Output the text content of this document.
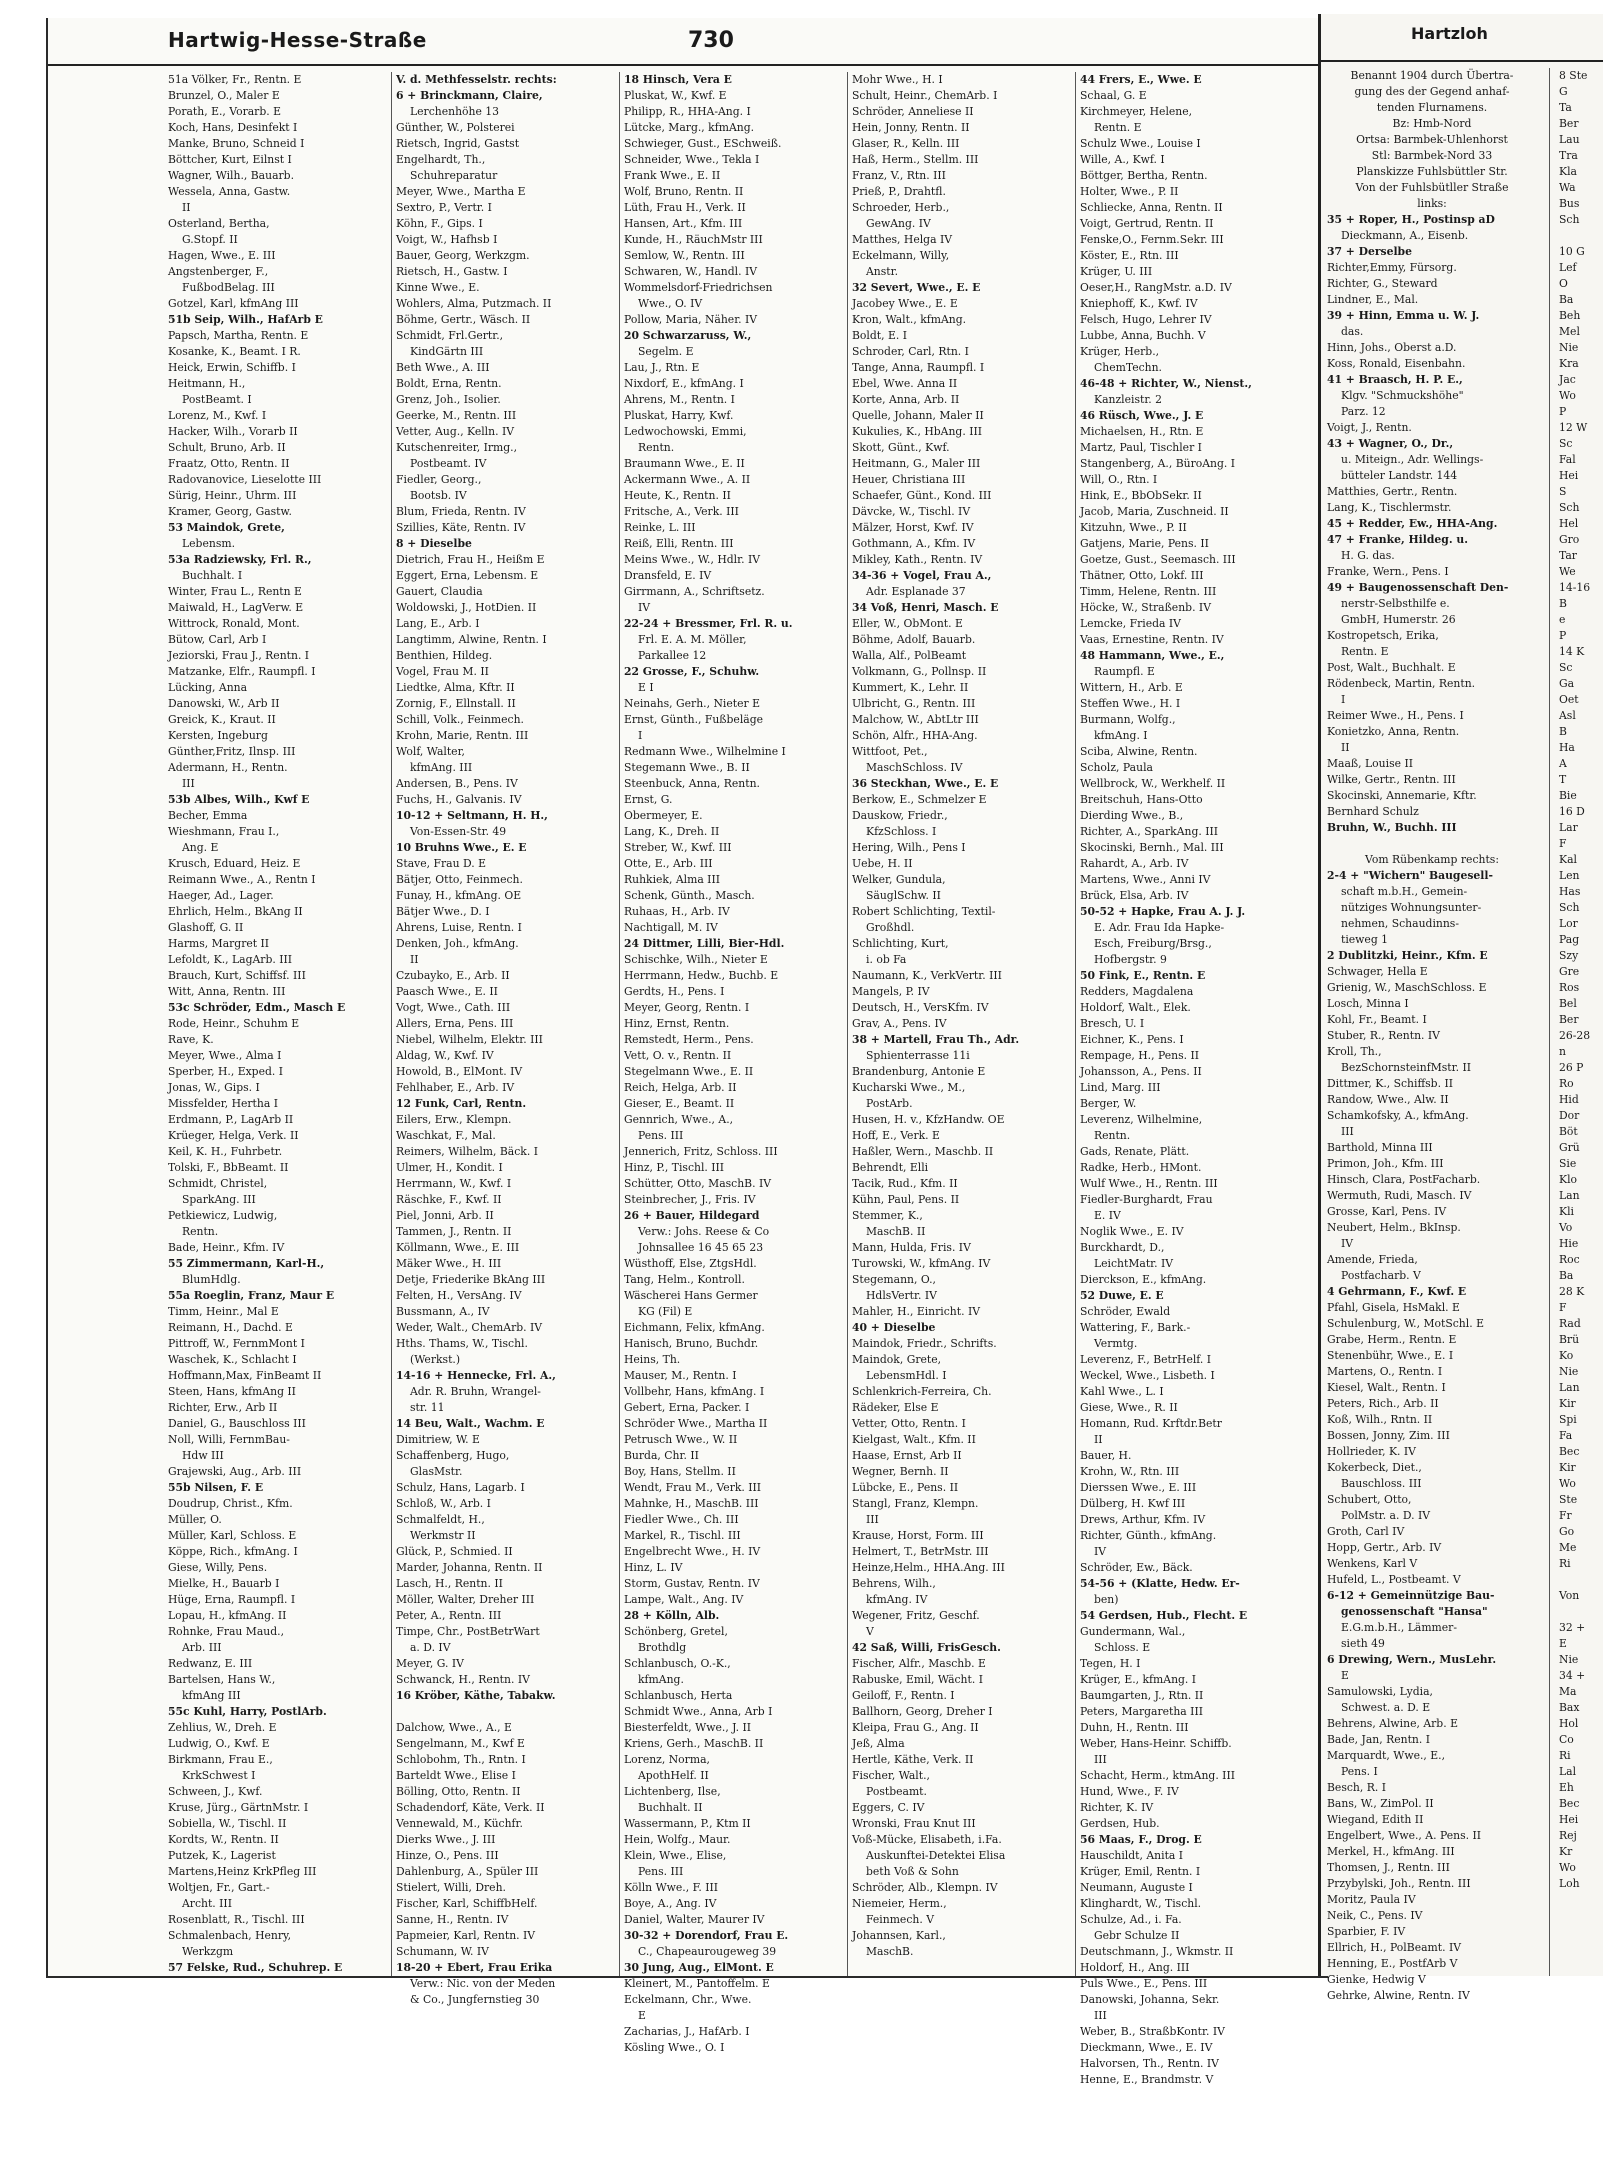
Hartwig-Hesse-Straße	730
51a Völker, Fr., Rentn. E
Brunzel, O., Maler E
Porath, E., Vorarb. E
Koch, Hans, Desinfekt I
Manke, Bruno, Schneid I
Böttcher, Kurt, Eilnst I
Wagner, Wilh., Bauarb.
Wessela, Anna, Gastw.
II
Osterland, Bertha,
G.Stopf. II
Hagen, Wwe., E. III
Angstenberger, F.,
FußbodBelag. III
Gotzel, Karl, kfmAng III
51b Seip, Wilh., HafArb E
Papsch, Martha, Rentn. E
Kosanke, K., Beamt. I R.
Heick, Erwin, Schiffb. I
Heitmann, H.,
PostBeamt. I
Lorenz, M., Kwf. I
Hacker, Wilh., Vorarb II
Schult, Bruno, Arb. II
Fraatz, Otto, Rentn. II
Radovanovice, Lieselotte III
Sürig, Heinr., Uhrm. III
Kramer, Georg, Gastw.
53 Maindok, Grete,
Lebensm.
53a Radziewsky, Frl. R.,
Buchhalt. I
Winter, Frau L., Rentn E
Maiwald, H., LagVerw. E
Wittrock, Ronald, Mont.
Bütow, Carl, Arb I
Jeziorski, Frau J., Rentn. I
Matzanke, Elfr., Raumpfl. I
Lücking, Anna
Danowski, W., Arb II
Greick, K., Kraut. II
Kersten, Ingeburg
Günther,Fritz, Ilnsp. III
Adermann, H., Rentn.
III
53b Albes, Wilh., Kwf E
Becher, Emma
Wieshmann, Frau I.,
Ang. E
Krusch, Eduard, Heiz. E
Reimann Wwe., A., Rentn I
Haeger, Ad., Lager.
Ehrlich, Helm., BkAng II
Glashoff, G. II
Harms, Margret II
Lefoldt, K., LagArb. III
Brauch, Kurt, Schiffsf. III
Witt, Anna, Rentn. III
53c Schröder, Edm., Masch E
Rode, Heinr., Schuhm E
Rave, K.
Meyer, Wwe., Alma I
Sperber, H., Exped. I
Jonas, W., Gips. I
Missfelder, Hertha I
Erdmann, P., LagArb II
Krüeger, Helga, Verk. II
Keil, K. H., Fuhrbetr.
Tolski, F., BbBeamt. II
Schmidt, Christel,
SparkAng. III
Petkiewicz, Ludwig,
Rentn.
Bade, Heinr., Kfm. IV
55 Zimmermann, Karl-H.,
BlumHdlg.
55a Roeglin, Franz, Maur E
Timm, Heinr., Mal E
Reimann, H., Dachd. E
Pittroff, W., FernmMont I
Waschek, K., Schlacht I
Hoffmann,Max, FinBeamt II
Steen, Hans, kfmAng II
Richter, Erw., Arb II
Daniel, G., Bauschloss III
Noll, Willi, FernmBau-
Hdw III
Grajewski, Aug., Arb. III
55b Nilsen, F. E
Doudrup, Christ., Kfm.
Müller, O.
Müller, Karl, Schloss. E
Köppe, Rich., kfmAng. I
Giese, Willy, Pens.
Mielke, H., Bauarb I
Hüge, Erna, Raumpfl. I
Lopau, H., kfmAng. II
Rohnke, Frau Maud.,
Arb. III
Redwanz, E. III
Bartelsen, Hans W.,
kfmAng III
55c Kuhl, Harry, PostlArb.
Zehlius, W., Dreh. E
Ludwig, O., Kwf. E
Birkmann, Frau E.,
KrkSchwest I
Schween, J., Kwf.
Kruse, Jürg., GärtnMstr. I
Sobiella, W., Tischl. II
Kordts, W., Rentn. II
Putzek, K., Lagerist
Martens,Heinz KrkPfleg III
Woltjen, Fr., Gart.-
Archt. III
Rosenblatt, R., Tischl. III
Schmalenbach, Henry,
Werkzgm
57 Felske, Rud., Schuhrep. E
V. d. Methfesselstr. rechts:
6 + Brinckmann, Claire,
Lerchenhöhe 13
Günther, W., Polsterei
Rietsch, Ingrid, Gastst
Engelhardt, Th.,
Schuhreparatur
Meyer, Wwe., Martha E
Sextro, P., Vertr. I
Köhn, F., Gips. I
Voigt, W., Hafhsb I
Bauer, Georg, Werkzgm.
Rietsch, H., Gastw. I
Kinne Wwe., E.
Wohlers, Alma, Putzmach. II
Böhme, Gertr., Wäsch. II
Schmidt, Frl.Gertr.,
KindGärtn III
Beth Wwe., A. III
Boldt, Erna, Rentn.
Grenz, Joh., Isolier.
Geerke, M., Rentn. III
Vetter, Aug., Kelln. IV
Kutschenreiter, Irmg.,
Postbeamt. IV
Fiedler, Georg.,
Bootsb. IV
Blum, Frieda, Rentn. IV
Szillies, Käte, Rentn. IV
8 + Dieselbe
Dietrich, Frau H., Heißm E
Eggert, Erna, Lebensm. E
Gauert, Claudia
Woldowski, J., HotDien. II
Lang, E., Arb. I
Langtimm, Alwine, Rentn. I
Benthien, Hildeg.
Vogel, Frau M. II
Liedtke, Alma, Kftr. II
Zornig, F., Ellnstall. II
Schill, Volk., Feinmech.
Krohn, Marie, Rentn. III
Wolf, Walter,
kfmAng. III
Andersen, B., Pens. IV
Fuchs, H., Galvanis. IV
10-12 + Seltmann, H. H.,
Von-Essen-Str. 49
10 Bruhns Wwe., E. E
Stave, Frau D. E
Bätjer, Otto, Feinmech.
Funay, H., kfmAng. OE
Bätjer Wwe., D. I
Ahrens, Luise, Rentn. I
Denken, Joh., kfmAng.
II
Czubayko, E., Arb. II
Paasch Wwe., E. II
Vogt, Wwe., Cath. III
Allers, Erna, Pens. III
Niebel, Wilhelm, Elektr. III
Aldag, W., Kwf. IV
Howold, B., ElMont. IV
Fehlhaber, E., Arb. IV
12 Funk, Carl, Rentn.
Eilers, Erw., Klempn.
Waschkat, F., Mal.
Reimers, Wilhelm, Bäck. I
Ulmer, H., Kondit. I
Herrmann, W., Kwf. I
Räschke, F., Kwf. II
Piel, Jonni, Arb. II
Tammen, J., Rentn. II
Köllmann, Wwe., E. III
Mäker Wwe., H. III
Detje, Friederike BkAng III
Felten, H., VersAng. IV
Bussmann, A., IV
Weder, Walt., ChemArb. IV
Hths. Thams, W., Tischl.
(Werkst.)
14-16 + Hennecke, Frl. A.,
Adr. R. Bruhn, Wrangel-
str. 11
14 Beu, Walt., Wachm. E
Dimitriew, W. E
Schaffenberg, Hugo,
GlasMstr.
Schulz, Hans, Lagarb. I
Schloß, W., Arb. I
Schmalfeldt, H.,
Werkmstr II
Glück, P., Schmied. II
Marder, Johanna, Rentn. II
Lasch, H., Rentn. II
Möller, Walter, Dreher III
Peter, A., Rentn. III
Timpe, Chr., PostBetrWart
a. D. IV
Meyer, G. IV
Schwanck, H., Rentn. IV
16 Kröber, Käthe, Tabakw.
Dalchow, Wwe., A., E
Sengelmann, M., Kwf E
Schlobohm, Th., Rntn. I
Barteldt Wwe., Elise I
Bölling, Otto, Rentn. II
Schadendorf, Käte, Verk. II
Vennewald, M., Küchfr.
Dierks Wwe., J. III
Hinze, O., Pens. III
Dahlenburg, A., Spüler III
Stielert, Willi, Dreh.
Fischer, Karl, SchiffbHelf.
Sanne, H., Rentn. IV
Papmeier, Karl, Rentn. IV
Schumann, W. IV
18-20 + Ebert, Frau Erika
Verw.: Nic. von der Meden
& Co., Jungfernstieg 30
18 Hinsch, Vera E
Pluskat, W., Kwf. E
Philipp, R., HHA-Ang. I
Lütcke, Marg., kfmAng.
Schwieger, Gust., ESchweiß.
Schneider, Wwe., Tekla I
Frank Wwe., E. II
Wolf, Bruno, Rentn. II
Lüth, Frau H., Verk. II
Hansen, Art., Kfm. III
Kunde, H., RäuchMstr III
Semlow, W., Rentn. III
Schwaren, W., Handl. IV
Wommelsdorf-Friedrichsen
Wwe., O. IV
Pollow, Maria, Näher. IV
20 Schwarzaruss, W.,
Segelm. E
Lau, J., Rtn. E
Nixdorf, E., kfmAng. I
Ahrens, M., Rentn. I
Pluskat, Harry, Kwf.
Ledwochowski, Emmi,
Rentn.
Braumann Wwe., E. II
Ackermann Wwe., A. II
Heute, K., Rentn. II
Fritsche, A., Verk. III
Reinke, L. III
Reiß, Elli, Rentn. III
Meins Wwe., W., Hdlr. IV
Dransfeld, E. IV
Girrmann, A., Schriftsetz.
IV
22-24 + Bressmer, Frl. R. u.
Frl. E. A. M. Möller,
Parkallee 12
22 Grosse, F., Schuhw.
E I
Neinahs, Gerh., Nieter E
Ernst, Günth., Fußbeläge
I
Redmann Wwe., Wilhelmine I
Stegemann Wwe., B. II
Steenbuck, Anna, Rentn.
Ernst, G.
Obermeyer, E.
Lang, K., Dreh. II
Streber, W., Kwf. III
Otte, E., Arb. III
Ruhkiek, Alma III
Schenk, Günth., Masch.
Ruhaas, H., Arb. IV
Nachtigall, M. IV
24 Dittmer, Lilli, Bier-Hdl.
Schischke, Wilh., Nieter E
Herrmann, Hedw., Buchb. E
Gerdts, H., Pens. I
Meyer, Georg, Rentn. I
Hinz, Ernst, Rentn.
Remstedt, Herm., Pens.
Vett, O. v., Rentn. II
Stegelmann Wwe., E. II
Reich, Helga, Arb. II
Gieser, E., Beamt. II
Gennrich, Wwe., A.,
Pens. III
Jennerich, Fritz, Schloss. III
Hinz, P., Tischl. III
Schütter, Otto, MaschB. IV
Steinbrecher, J., Fris. IV
26 + Bauer, Hildegard
Verw.: Johs. Reese & Co
Johnsallee 16 45 65 23
Wüsthoff, Else, ZtgsHdl.
Tang, Helm., Kontroll.
Wäscherei Hans Germer
KG (Fil) E
Eichmann, Felix, kfmAng.
Hanisch, Bruno, Buchdr.
Heins, Th.
Mauser, M., Rentn. I
Vollbehr, Hans, kfmAng. I
Gebert, Erna, Packer. I
Schröder Wwe., Martha II
Petrusch Wwe., W. II
Burda, Chr. II
Boy, Hans, Stellm. II
Wendt, Frau M., Verk. III
Mahnke, H., MaschB. III
Fiedler Wwe., Ch. III
Markel, R., Tischl. III
Engelbrecht Wwe., H. IV
Hinz, L. IV
Storm, Gustav, Rentn. IV
Lampe, Walt., Ang. IV
28 + Kölln, Alb.
Schönberg, Gretel,
Brothdlg
Schlanbusch, O.-K.,
kfmAng.
Schlanbusch, Herta
Schmidt Wwe., Anna, Arb I
Biesterfeldt, Wwe., J. II
Kriens, Gerh., MaschB. II
Lorenz, Norma,
ApothHelf. II
Lichtenberg, Ilse,
Buchhalt. II
Wassermann, P., Ktm II
Hein, Wolfg., Maur.
Klein, Wwe., Elise,
Pens. III
Kölln Wwe., F. III
Boye, A., Ang. IV
Daniel, Walter, Maurer IV
30-32 + Dorendorf, Frau E.
C., Chapeaurougeweg 39
30 Jung, Aug., ElMont. E
Kleinert, M., Pantoffelm. E
Eckelmann, Chr., Wwe.
E
Zacharias, J., HafArb. I
Kösling Wwe., O. I
Mohr Wwe., H. I
Schult, Heinr., ChemArb. I
Schröder, Anneliese II
Hein, Jonny, Rentn. II
Glaser, R., Kelln. III
Haß, Herm., Stellm. III
Franz, V., Rtn. III
Prieß, P., Drahtfl.
Schroeder, Herb.,
GewAng. IV
Matthes, Helga IV
Eckelmann, Willy,
Anstr.
32 Severt, Wwe., E. E
Jacobey Wwe., E. E
Kron, Walt., kfmAng.
Boldt, E. I
Schroder, Carl, Rtn. I
Tange, Anna, Raumpfl. I
Ebel, Wwe. Anna II
Korte, Anna, Arb. II
Quelle, Johann, Maler II
Kukulies, K., HbAng. III
Skott, Günt., Kwf.
Heitmann, G., Maler III
Heuer, Christiana III
Schaefer, Günt., Kond. III
Dävcke, W., Tischl. IV
Mälzer, Horst, Kwf. IV
Gothmann, A., Kfm. IV
Mikley, Kath., Rentn. IV
34-36 + Vogel, Frau A.,
Adr. Esplanade 37
34 Voß, Henri, Masch. E
Eller, W., ObMont. E
Böhme, Adolf, Bauarb.
Walla, Alf., PolBeamt
Volkmann, G., Pollnsp. II
Kummert, K., Lehr. II
Ulbricht, G., Rentn. III
Malchow, W., AbtLtr III
Schön, Alfr., HHA-Ang.
Wittfoot, Pet.,
MaschSchloss. IV
36 Steckhan, Wwe., E. E
Berkow, E., Schmelzer E
Dauskow, Friedr.,
KfzSchloss. I
Hering, Wilh., Pens I
Uebe, H. II
Welker, Gundula,
SäuglSchw. II
Robert Schlichting, Textil-
Großhdl.
Schlichting, Kurt,
i. ob Fa
Naumann, K., VerkVertr. III
Mangels, P. IV
Deutsch, H., VersKfm. IV
Grav, A., Pens. IV
38 + Martell, Frau Th., Adr.
Sphienterrasse 11i
Brandenburg, Antonie E
Kucharski Wwe., M.,
PostArb.
Husen, H. v., KfzHandw. OE
Hoff, E., Verk. E
Haßler, Wern., Maschb. II
Behrendt, Elli
Tacik, Rud., Kfm. II
Kühn, Paul, Pens. II
Stemmer, K.,
MaschB. II
Mann, Hulda, Fris. IV
Turowski, W., kfmAng. IV
Stegemann, O.,
HdlsVertr. IV
Mahler, H., Einricht. IV
40 + Dieselbe
Maindok, Friedr., Schrifts.
Maindok, Grete,
LebensmHdl. I
Schlenkrich-Ferreira, Ch.
Rädeker, Else E
Vetter, Otto, Rentn. I
Kielgast, Walt., Kfm. II
Haase, Ernst, Arb II
Wegner, Bernh. II
Lübcke, E., Pens. II
Stangl, Franz, Klempn.
III
Krause, Horst, Form. III
Helmert, T., BetrMstr. III
Heinze,Helm., HHA.Ang. III
Behrens, Wilh.,
kfmAng. IV
Wegener, Fritz, Geschf.
V
42 Saß, Willi, FrisGesch.
Fischer, Alfr., Maschb. E
Rabuske, Emil, Wächt. I
Geiloff, F., Rentn. I
Ballhorn, Georg, Dreher I
Kleipa, Frau G., Ang. II
Jeß, Alma
Hertle, Käthe, Verk. II
Fischer, Walt.,
Postbeamt.
Eggers, C. IV
Wronski, Frau Knut III
Voß-Mücke, Elisabeth, i.Fa.
Auskunftei-Detektei Elisa
beth Voß & Sohn
Schröder, Alb., Klempn. IV
Niemeier, Herm.,
Feinmech. V
Johannsen, Karl.,
MaschB.
44 Frers, E., Wwe. E
Schaal, G. E
Kirchmeyer, Helene,
Rentn. E
Schulz Wwe., Louise I
Wille, A., Kwf. I
Böttger, Bertha, Rentn.
Holter, Wwe., P. II
Schliecke, Anna, Rentn. II
Voigt, Gertrud, Rentn. II
Fenske,O., Fernm.Sekr. III
Köster, E., Rtn. III
Krüger, U. III
Oeser,H., RangMstr. a.D. IV
Kniephoff, K., Kwf. IV
Felsch, Hugo, Lehrer IV
Lubbe, Anna, Buchh. V
Krüger, Herb.,
ChemTechn.
46-48 + Richter, W., Nienst.,
Kanzleistr. 2
46 Rüsch, Wwe., J. E
Michaelsen, H., Rtn. E
Martz, Paul, Tischler I
Stangenberg, A., BüroAng. I
Will, O., Rtn. I
Hink, E., BbObSekr. II
Jacob, Maria, Zuschneid. II
Kitzuhn, Wwe., P. II
Gatjens, Marie, Pens. II
Goetze, Gust., Seemasch. III
Thätner, Otto, Lokf. III
Timm, Helene, Rentn. III
Höcke, W., Straßenb. IV
Lemcke, Frieda IV
Vaas, Ernestine, Rentn. IV
48 Hammann, Wwe., E.,
Raumpfl. E
Wittern, H., Arb. E
Steffen Wwe., H. I
Burmann, Wolfg.,
kfmAng. I
Sciba, Alwine, Rentn.
Scholz, Paula
Wellbrock, W., Werkhelf. II
Breitschuh, Hans-Otto
Dierding Wwe., B.,
Richter, A., SparkAng. III
Skocinski, Bernh., Mal. III
Rahardt, A., Arb. IV
Martens, Wwe., Anni IV
Brück, Elsa, Arb. IV
50-52 + Hapke, Frau A. J. J.
E. Adr. Frau Ida Hapke-
Esch, Freiburg/Brsg.,
Hofbergstr. 9
50 Fink, E., Rentn. E
Redders, Magdalena
Holdorf, Walt., Elek.
Bresch, U. I
Eichner, K., Pens. I
Rempage, H., Pens. II
Johansson, A., Pens. II
Lind, Marg. III
Berger, W.
Leverenz, Wilhelmine,
Rentn.
Gads, Renate, Plätt.
Radke, Herb., HMont.
Wulf Wwe., H., Rentn. III
Fiedler-Burghardt, Frau
E. IV
Noglik Wwe., E. IV
Burckhardt, D.,
LeichtMatr. IV
Dierckson, E., kfmAng.
52 Duwe, E. E
Schröder, Ewald
Wattering, F., Bark.-
Vermtg.
Leverenz, F., BetrHelf. I
Weckel, Wwe., Lisbeth. I
Kahl Wwe., L. I
Giese, Wwe., R. II
Homann, Rud. Krftdr.Betr
II
Bauer, H.
Krohn, W., Rtn. III
Dierssen Wwe., E. III
Dülberg, H. Kwf III
Drews, Arthur, Kfm. IV
Richter, Günth., kfmAng.
IV
Schröder, Ew., Bäck.
54-56 + (Klatte, Hedw. Er-
ben)
54 Gerdsen, Hub., Flecht. E
Gundermann, Wal.,
Schloss. E
Tegen, H. I
Krüger, E., kfmAng. I
Baumgarten, J., Rtn. II
Peters, Margaretha III
Duhn, H., Rentn. III
Weber, Hans-Heinr. Schiffb.
III
Schacht, Herm., ktmAng. III
Hund, Wwe., F. IV
Richter, K. IV
Gerdsen, Hub.
56 Maas, F., Drog. E
Hauschildt, Anita I
Krüger, Emil, Rentn. I
Neumann, Auguste I
Klinghardt, W., Tischl.
Schulze, Ad., i. Fa.
Gebr Schulze II
Deutschmann, J., Wkmstr. II
Holdorf, H., Ang. III
Puls Wwe., E., Pens. III
Danowski, Johanna, Sekr.
III
Weber, B., StraßbKontr. IV
Dieckmann, Wwe., E. IV
Halvorsen, Th., Rentn. IV
Henne, E., Brandmstr. V
Hartzloh
Benannt 1904 durch Übertra-
gung des der Gegend anhaf-
tenden Flurnamens.
Bz: Hmb-Nord
Ortsa: Barmbek-Uhlenhorst
Stl: Barmbek-Nord 33
Planskizze Fuhlsbüttler Str.
Von der Fuhlsbütller Straße
links:
35 + Roper, H., Postinsp aD
Dieckmann, A., Eisenb.
37 + Derselbe
Richter,Emmy, Fürsorg.
Richter, G., Steward
Lindner, E., Mal.
39 + Hinn, Emma u. W. J.
das.
Hinn, Johs., Oberst a.D.
Koss, Ronald, Eisenbahn.
41 + Braasch, H. P. E.,
Klgv. "Schmuckshöhe"
Parz. 12
Voigt, J., Rentn.
43 + Wagner, O., Dr.,
u. Miteign., Adr. Wellings-
bütteler Landstr. 144
Matthies, Gertr., Rentn.
Lang, K., Tischlermstr.
45 + Redder, Ew., HHA-Ang.
47 + Franke, Hildeg. u.
H. G. das.
Franke, Wern., Pens. I
49 + Baugenossenschaft Den-
nerstr-Selbsthilfe e.
GmbH, Humerstr. 26
Kostropetsch, Erika,
Rentn. E
Post, Walt., Buchhalt. E
Rödenbeck, Martin, Rentn.
I
Reimer Wwe., H., Pens. I
Konietzko, Anna, Rentn.
II
Maaß, Louise II
Wilke, Gertr., Rentn. III
Skocinski, Annemarie, Kftr.
Bernhard Schulz
Bruhn, W., Buchh. III
Vom Rübenkamp rechts:
2-4 + "Wichern" Baugesell-
schaft m.b.H., Gemein-
nütziges Wohnungsunter-
nehmen, Schaudinns-
tieweg 1
2 Dublitzki, Heinr., Kfm. E
Schwager, Hella E
Grienig, W., MaschSchloss. E
Losch, Minna I
Kohl, Fr., Beamt. I
Stuber, R., Rentn. IV
Kroll, Th.,
BezSchornsteinfMstr. II
Dittmer, K., Schiffsb. II
Randow, Wwe., Alw. II
Schamkofsky, A., kfmAng.
III
Barthold, Minna III
Primon, Joh., Kfm. III
Hinsch, Clara, PostFacharb.
Wermuth, Rudi, Masch. IV
Grosse, Karl, Pens. IV
Neubert, Helm., BkInsp.
IV
Amende, Frieda,
Postfacharb. V
4 Gehrmann, F., Kwf. E
Pfahl, Gisela, HsMakl. E
Schulenburg, W., MotSchl. E
Grabe, Herm., Rentn. E
Stenenbühr, Wwe., E. I
Martens, O., Rentn. I
Kiesel, Walt., Rentn. I
Peters, Rich., Arb. II
Koß, Wilh., Rntn. II
Bossen, Jonny, Zim. III
Hollrieder, K. IV
Kokerbeck, Diet.,
Bauschloss. III
Schubert, Otto,
PolMstr. a. D. IV
Groth, Carl IV
Hopp, Gertr., Arb. IV
Wenkens, Karl V
Hufeld, L., Postbeamt. V
6-12 + Gemeinnützige Bau-
genossenschaft "Hansa"
E.G.m.b.H., Lämmer-
sieth 49
6 Drewing, Wern., MusLehr.
E
Samulowski, Lydia,
Schwest. a. D. E
Behrens, Alwine, Arb. E
Bade, Jan, Rentn. I
Marquardt, Wwe., E.,
Pens. I
Besch, R. I
Bans, W., ZimPol. II
Wiegand, Edith II
Engelbert, Wwe., A. Pens. II
Merkel, H., kfmAng. III
Thomsen, J., Rentn. III
Przybylski, Joh., Rentn. III
Moritz, Paula IV
Neik, C., Pens. IV
Sparbier, F. IV
Ellrich, H., PolBeamt. IV
Henning, E., PostfArb V
Gienke, Hedwig V
Gehrke, Alwine, Rentn. IV
8 Ste
G
Ta
Ber
Lau
Tra
Kla
Wa
Bus
Sch
10 G
Lef
O
Ba
Beh
Mel
Nie
Kra
Jac
Wo
P
12 W
Sc
Fal
Hei
S
Sch
Hel
Gro
Tar
We
14-16
B
e
P
14 K
Sc
Ga
Oet
Asl
B
Ha
A
T
Bie
16 D
Lar
F
Kal
Len
Has
Sch
Lor
Pag
Szy
Gre
Ros
Bel
Ber
26-28
n
26 P
Ro
Hid
Dor
Böt
Grü
Sie
Klo
Lan
Kli
Vo
Hie
Roc
Ba
28 K
F
Rad
Brü
Ko
Nie
Lan
Kir
Spi
Fa
Bec
Kir
Wo
Ste
Fr
Go
Me
Ri
Von
32 +
E
Nie
34 +
Ma
Bax
Hol
Co
Ri
Lal
Eh
Bec
Hei
Rej
Kr
Wo
Loh
